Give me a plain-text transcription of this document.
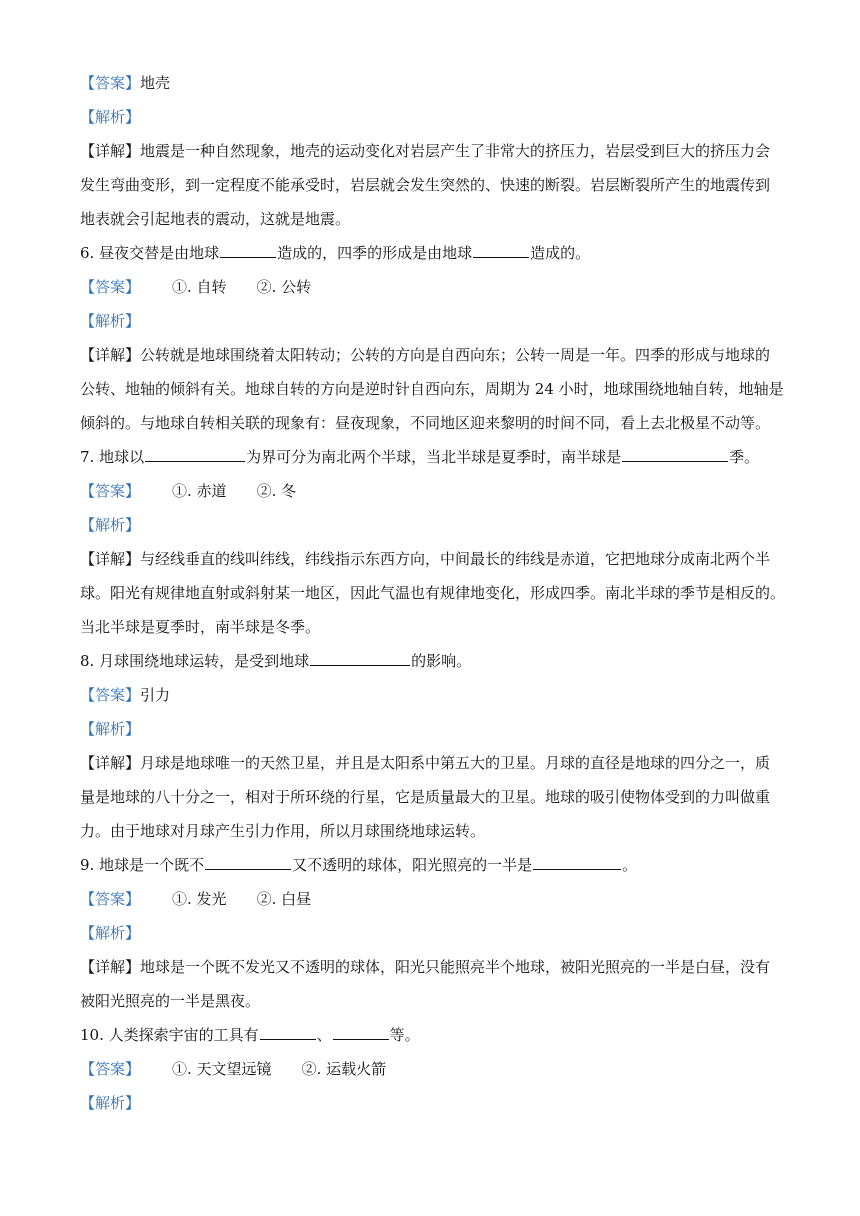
【答案】地壳
【解析】
【详解】地震是一种自然现象，地壳的运动变化对岩层产生了非常大的挤压力，岩层受到巨大的挤压力会
发生弯曲变形，到一定程度不能承受时，岩层就会发生突然的、快速的断裂。岩层断裂所产生的地震传到
地表就会引起地表的震动，这就是地震。
6. 昼夜交替是由地球	造成的，四季的形成是由地球	造成的。
【答案】 ①. 自转 ②. 公转
【解析】
【详解】公转就是地球围绕着太阳转动；公转的方向是自西向东；公转一周是一年。四季的形成与地球的
公转、地轴的倾斜有关。地球自转的方向是逆时针自西向东，周期为 24 小时，地球围绕地轴自转，地轴是
倾斜的。与地球自转相关联的现象有：昼夜现象，不同地区迎来黎明的时间不同，看上去北极星不动等。
7. 地球以	为界可分为南北两个半球，当北半球是夏季时，南半球是	季。
【答案】 ①. 赤道 ②. 冬
【解析】
【详解】与经线垂直的线叫纬线，纬线指示东西方向，中间最长的纬线是赤道，它把地球分成南北两个半
球。阳光有规律地直射或斜射某一地区，因此气温也有规律地变化，形成四季。南北半球的季节是相反的。
当北半球是夏季时，南半球是冬季。
8. 月球围绕地球运转，是受到地球	的影响。
【答案】引力
【解析】
【详解】月球是地球唯一的天然卫星，并且是太阳系中第五大的卫星。月球的直径是地球的四分之一，质
量是地球的八十分之一，相对于所环绕的行星，它是质量最大的卫星。地球的吸引使物体受到的力叫做重
力。由于地球对月球产生引力作用，所以月球围绕地球运转。
9. 地球是一个既不	又不透明的球体，阳光照亮的一半是	。
【答案】 ①. 发光 ②. 白昼
【解析】
【详解】地球是一个既不发光又不透明的球体，阳光只能照亮半个地球，被阳光照亮的一半是白昼，没有
被阳光照亮的一半是黑夜。
10. 人类探索宇宙的工具有	、	等。
【答案】 ①. 天文望远镜 ②. 运载火箭
【解析】
